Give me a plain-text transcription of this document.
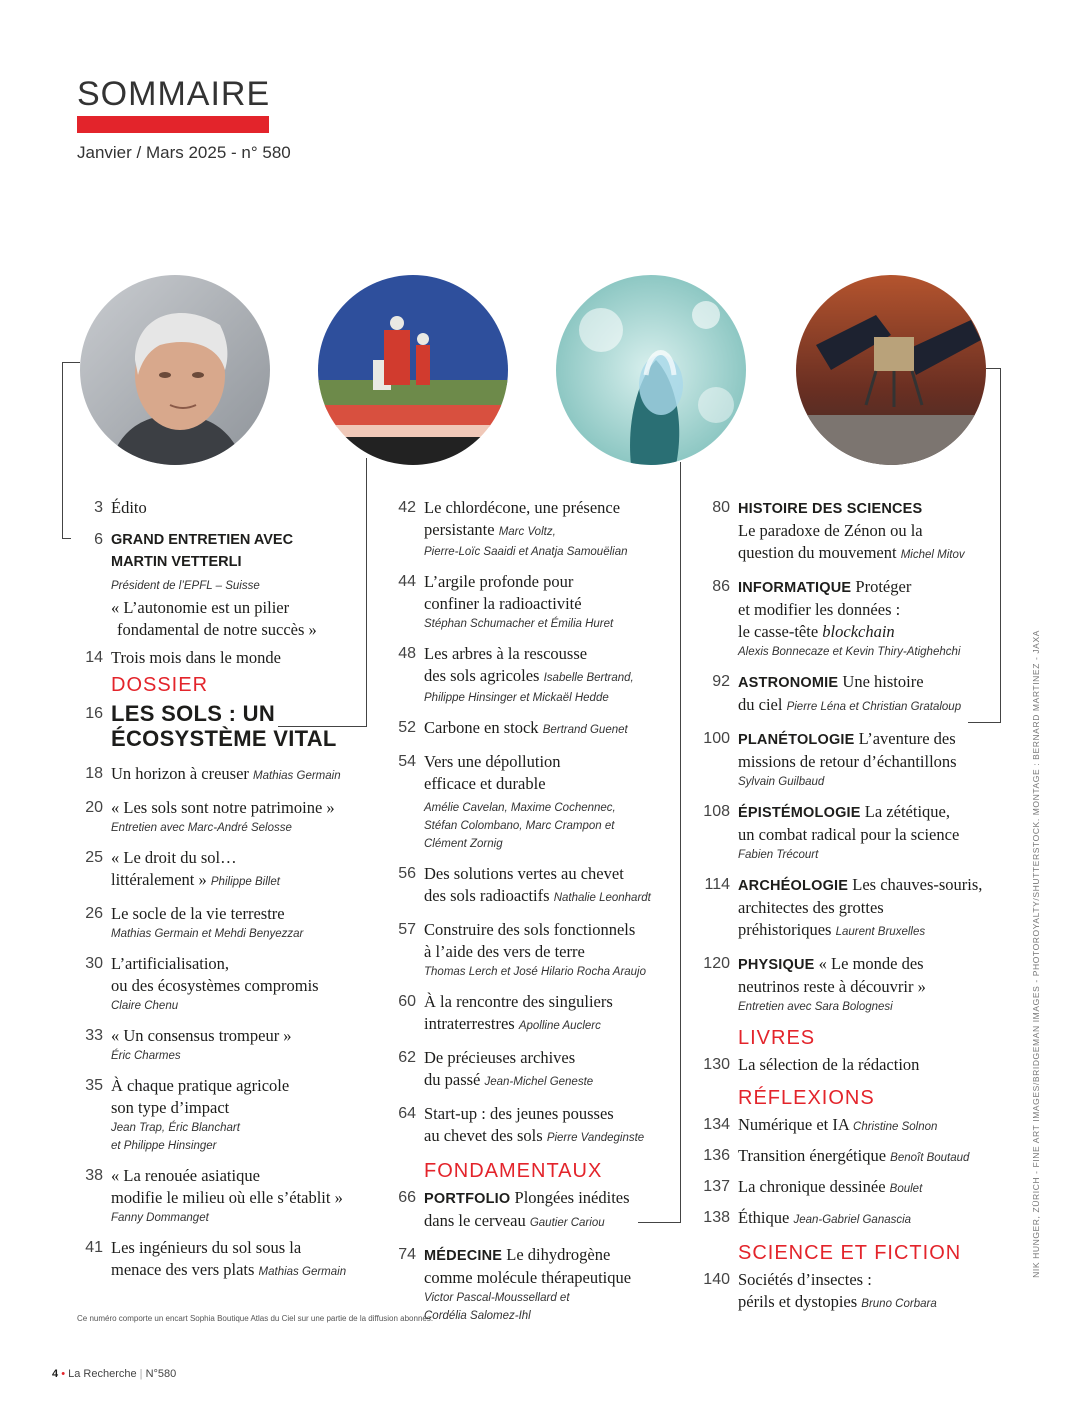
SOMMAIRE
Janvier / Mars 2025 - n° 580
3 Édito
6 GRAND ENTRETIEN AVEC
MARTIN VETTERLI
Président de l’EPFL – Suisse
« L’autonomie est un pilier
fondamental de notre succès »
14 Trois mois dans le monde
DOSSIER
16 LES SOLS : UN
ÉCOSYSTÈME VITAL
18 Un horizon à creuser Mathias Germain
20 « Les sols sont notre patrimoine »
Entretien avec Marc-André Selosse
25 « Le droit du sol…
littéralement » Philippe Billet
26 Le socle de la vie terrestre
Mathias Germain et Mehdi Benyezzar
30 L’artificialisation,
ou des écosystèmes compromis
Claire Chenu
33 « Un consensus trompeur »
Éric Charmes
35 À chaque pratique agricole
son type d’impact
Jean Trap, Éric Blanchart
et Philippe Hinsinger
38 « La renouée asiatique
modifie le milieu où elle s’établit »
Fanny Dommanget
41 Les ingénieurs du sol sous la
menace des vers plats Mathias Germain
42 Le chlordécone, une présence
persistante Marc Voltz,
Pierre-Loïc Saaidi et Anatja Samouëlian
44 L’argile profonde pour
confiner la radioactivité
Stéphan Schumacher et Émilia Huret
48 Les arbres à la rescousse
des sols agricoles Isabelle Bertrand,
Philippe Hinsinger et Mickaël Hedde
52 Carbone en stock Bertrand Guenet
54 Vers une dépollution
efficace et durable
Amélie Cavelan, Maxime Cochennec,
Stéfan Colombano, Marc Crampon et
Clément Zornig
56 Des solutions vertes au chevet
des sols radioactifs Nathalie Leonhardt
57 Construire des sols fonctionnels
à l’aide des vers de terre
Thomas Lerch et José Hilario Rocha Araujo
60 À la rencontre des singuliers
intraterrestres Apolline Auclerc
62 De précieuses archives
du passé Jean-Michel Geneste
64 Start-up : des jeunes pousses
au chevet des sols Pierre Vandeginste
FONDAMENTAUX
66 PORTFOLIO Plongées inédites
dans le cerveau Gautier Cariou
74 MÉDECINE Le dihydrogène
comme molécule thérapeutique
Victor Pascal-Moussellard et
Cordélia Salomez-Ihl
80 HISTOIRE DES SCIENCES
Le paradoxe de Zénon ou la
question du mouvement Michel Mitov
86 INFORMATIQUE Protéger
et modifier les données :
le casse-tête blockchain
Alexis Bonnecaze et Kevin Thiry-Atighehchi
92 ASTRONOMIE Une histoire
du ciel Pierre Léna et Christian Grataloup
100 PLANÉTOLOGIE L’aventure des
missions de retour d’échantillons
Sylvain Guilbaud
108 ÉPISTÉMOLOGIE La zététique,
un combat radical pour la science
Fabien Trécourt
114 ARCHÉOLOGIE Les chauves-souris,
architectes des grottes
préhistoriques Laurent Bruxelles
120 PHYSIQUE « Le monde des
neutrinos reste à découvrir »
Entretien avec Sara Bolognesi
LIVRES
130 La sélection de la rédaction
RÉFLEXIONS
134 Numérique et IA Christine Solnon
136 Transition énergétique Benoît Boutaud
137 La chronique dessinée Boulet
138 Éthique Jean-Gabriel Ganascia
SCIENCE ET FICTION
140 Sociétés d’insectes :
périls et dystopies Bruno Corbara
NIK HUNGER, ZÜRICH - FINE ART IMAGES/BRIDGEMAN IMAGES - PHOTOROYALTY/SHUTTERSTOCK. MONTAGE : BERNARD MARTINEZ - JAXA
Ce numéro comporte un encart Sophia Boutique Atlas du Ciel sur une partie de la diffusion abonnés.
4 • La Recherche | N°580
